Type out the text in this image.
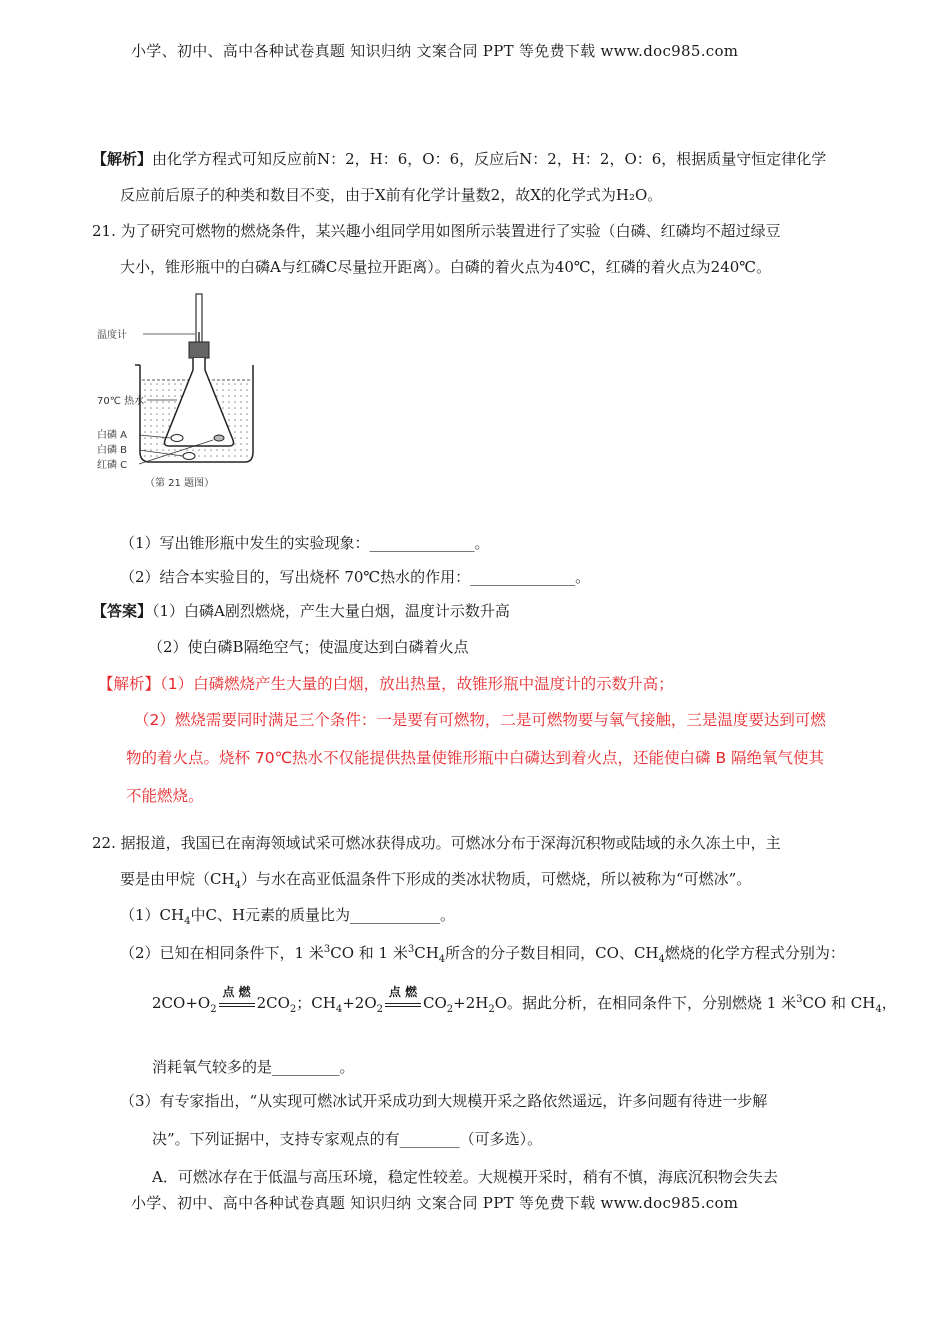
小学、初中、高中各种试卷真题 知识归纳 文案合同 PPT 等免费下载 www.doc985.com
【解析】由化学方程式可知反应前N：2，H：6，O：6，反应后N：2，H：2，O：6，根据质量守恒定律化学
反应前后原子的种类和数目不变，由于X前有化学计量数2，故X的化学式为H₂O。
21. 为了研究可燃物的燃烧条件，某兴趣小组同学用如图所示装置进行了实验（白磷、红磷均不超过绿豆
大小，锥形瓶中的白磷A与红磷C尽量拉开距离）。白磷的着火点为40℃，红磷的着火点为240℃。
温度计
70℃ 热水
白磷 A
白磷 B
红磷 C
（第 21 题图）
（1）写出锥形瓶中发生的实验现象：______________。
（2）结合本实验目的，写出烧杯 70℃热水的作用：______________。
【答案】（1）白磷A剧烈燃烧，产生大量白烟，温度计示数升高
（2）使白磷B隔绝空气；使温度达到白磷着火点
【解析】（1）白磷燃烧产生大量的白烟，放出热量，故锥形瓶中温度计的示数升高；
（2）燃烧需要同时满足三个条件：一是要有可燃物，二是可燃物要与氧气接触，三是温度要达到可燃
物的着火点。烧杯 70℃热水不仅能提供热量使锥形瓶中白磷达到着火点，还能使白磷 B 隔绝氧气使其
不能燃烧。
22. 据报道，我国已在南海领域试采可燃冰获得成功。可燃冰分布于深海沉积物或陆域的永久冻土中，主
要是由甲烷$(CH_4)$与水在高亚低温条件下形成的类冰状物质，可燃烧，所以被称为“可燃冰”。
$(1)CH_4$中C、H元素的质量比为____________。
（2）已知在相同条件下，1 米$^3$CO 和 1 米$^3CH_4$所含的分子数目相同，CO、$CH_4$燃烧的化学方程式分别为：
$2CO+O_2$
点 燃
$2CO_2$；$CH_4+2O_2$
点 燃
$CO_2+2H_2O$。据此分析，在相同条件下，分别燃烧 1 米$^3$CO 和 $CH_4$，
消耗氧气较多的是_________。
（3）有专家指出，“从实现可燃冰试开采成功到大规模开采之路依然遥远，许多问题有待进一步解
决”。下列证据中，支持专家观点的有________（可多选）。
A．可燃冰存在于低温与高压环境，稳定性较差。大规模开采时，稍有不慎，海底沉积物会失去
小学、初中、高中各种试卷真题 知识归纳 文案合同 PPT 等免费下载 www.doc985.com
